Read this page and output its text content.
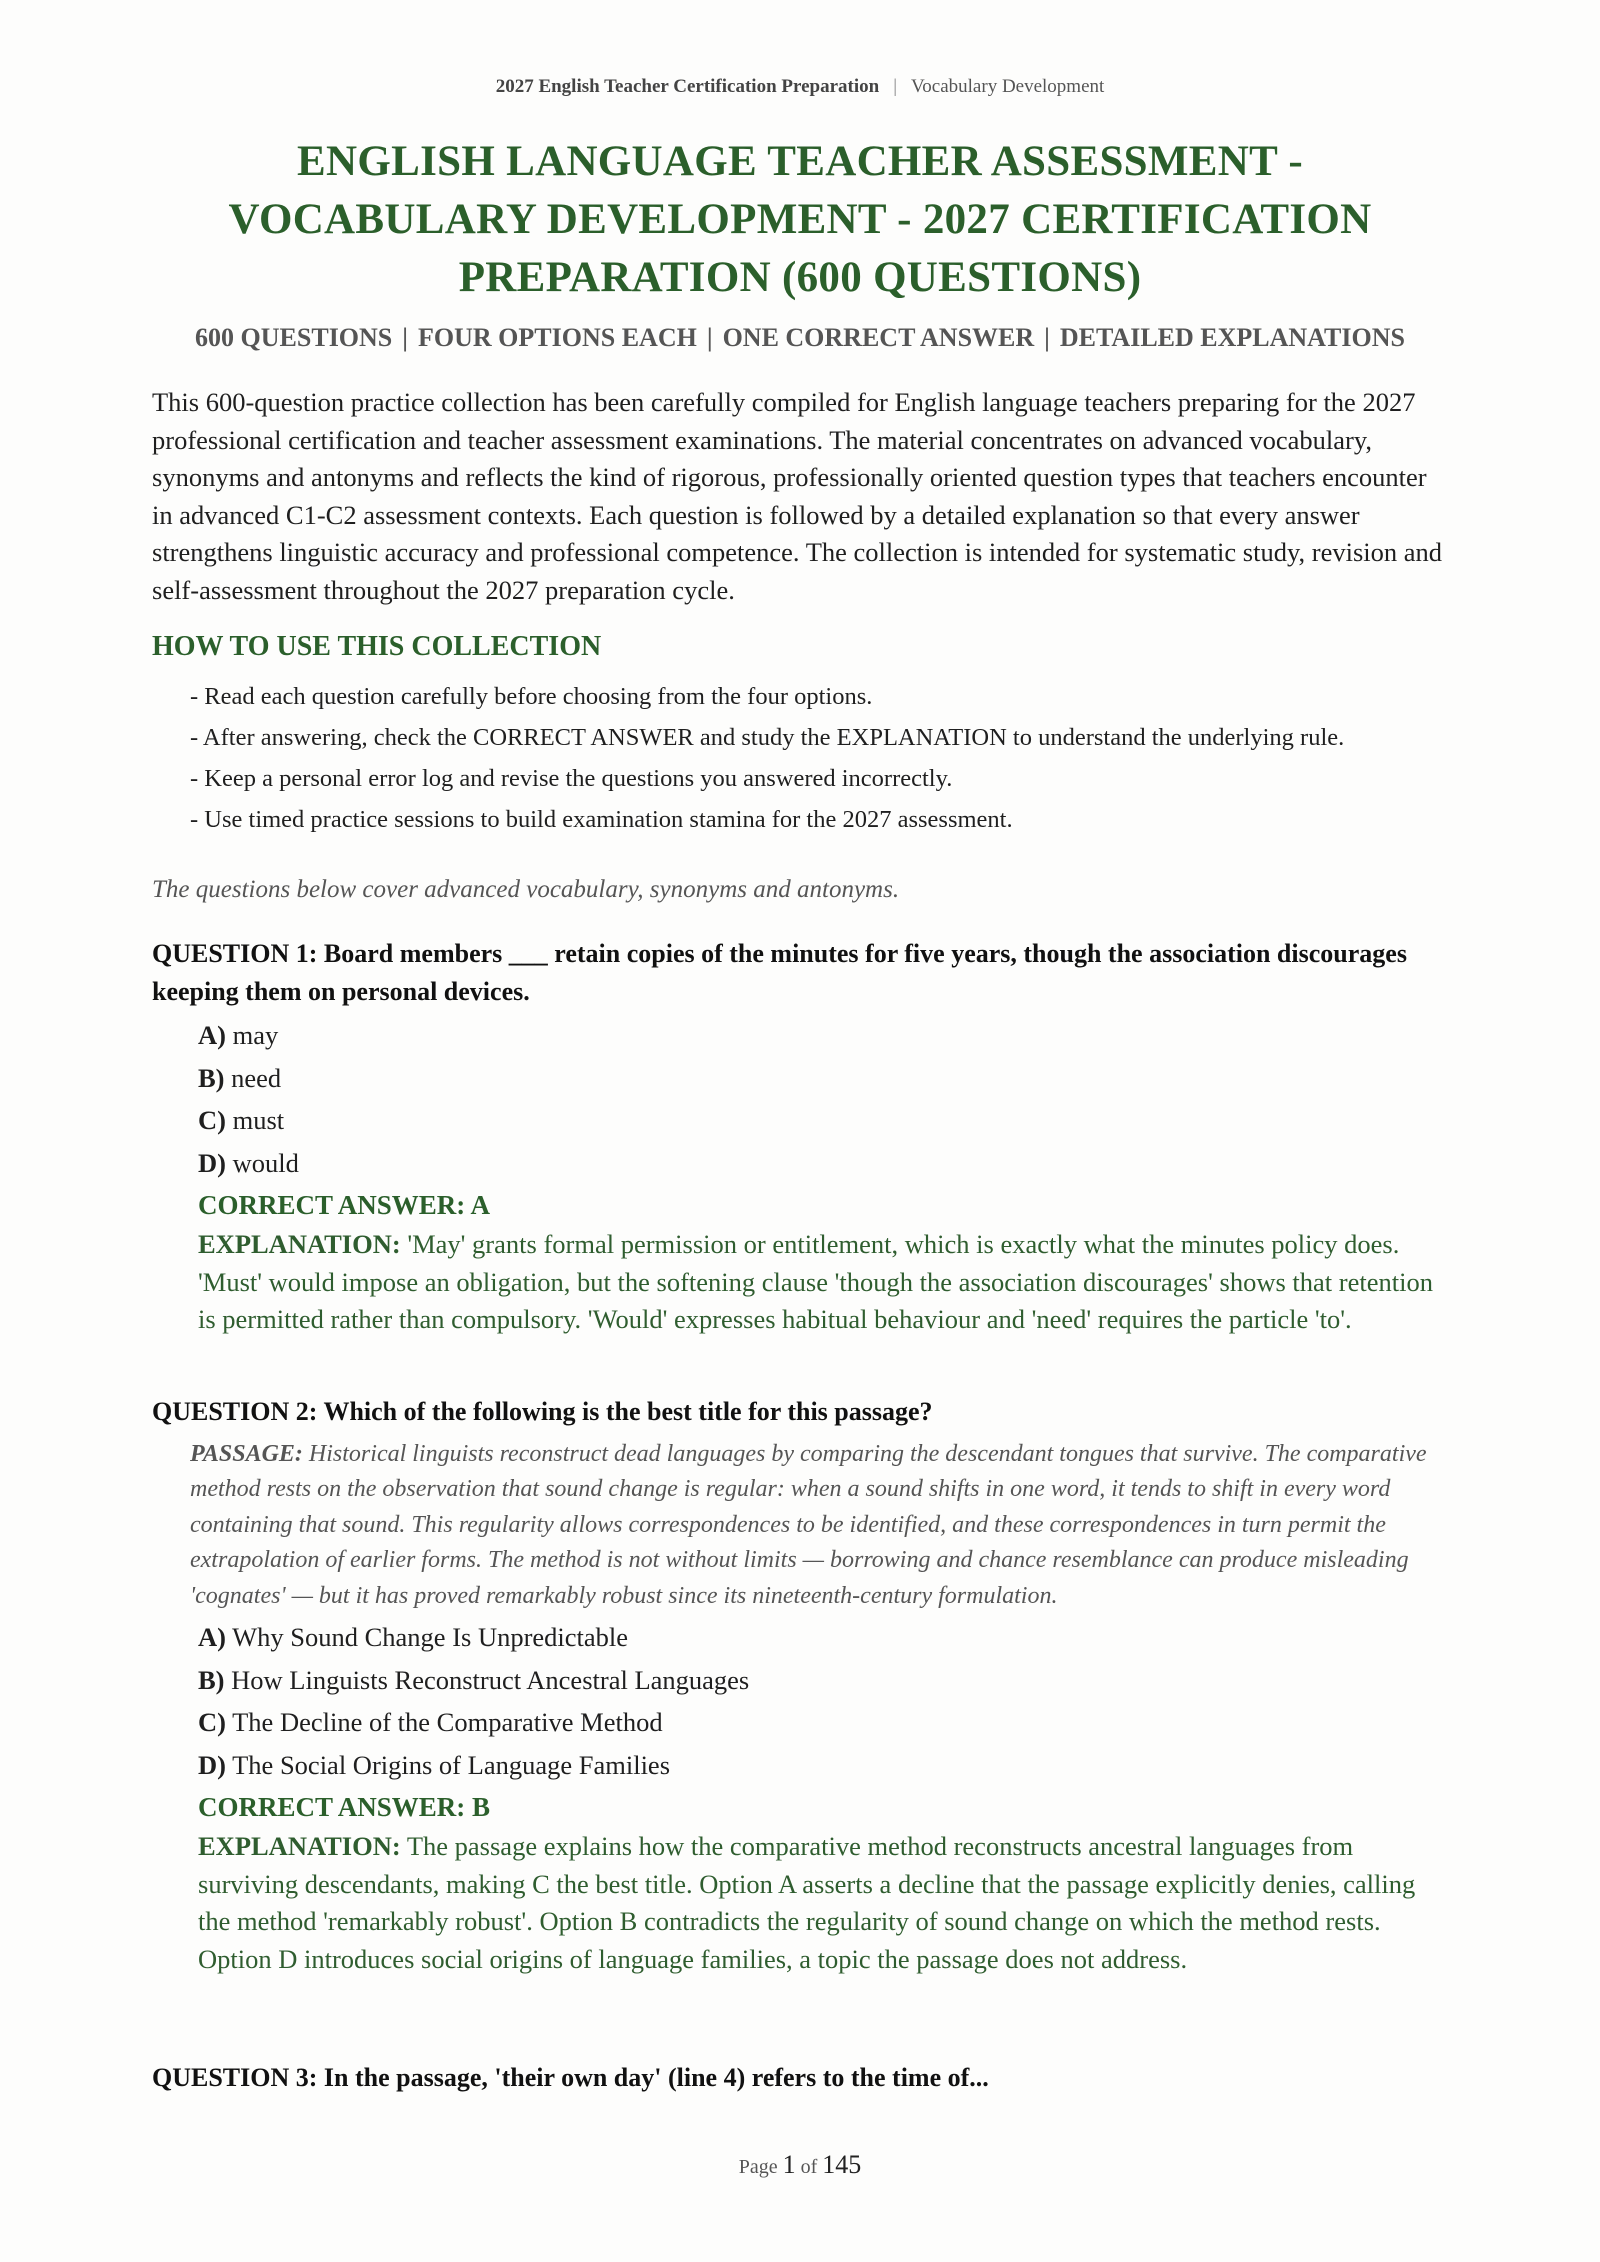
2027 English Teacher Certification Preparation | Vocabulary Development
ENGLISH LANGUAGE TEACHER ASSESSMENT -
VOCABULARY DEVELOPMENT - 2027 CERTIFICATION
PREPARATION (600 QUESTIONS)
600 QUESTIONS | FOUR OPTIONS EACH | ONE CORRECT ANSWER | DETAILED EXPLANATIONS
This 600-question practice collection has been carefully compiled for English language teachers preparing for the 2027 professional certification and teacher assessment examinations. The material concentrates on advanced vocabulary, synonyms and antonyms and reflects the kind of rigorous, professionally oriented question types that teachers encounter in advanced C1-C2 assessment contexts. Each question is followed by a detailed explanation so that every answer strengthens linguistic accuracy and professional competence. The collection is intended for systematic study, revision and self-assessment throughout the 2027 preparation cycle.
HOW TO USE THIS COLLECTION
- Read each question carefully before choosing from the four options.
- After answering, check the CORRECT ANSWER and study the EXPLANATION to understand the underlying rule.
- Keep a personal error log and revise the questions you answered incorrectly.
- Use timed practice sessions to build examination stamina for the 2027 assessment.
The questions below cover advanced vocabulary, synonyms and antonyms.
QUESTION 1: Board members ___ retain copies of the minutes for five years, though the association discourages keeping them on personal devices.
A) may
B) need
C) must
D) would
CORRECT ANSWER: A
EXPLANATION: 'May' grants formal permission or entitlement, which is exactly what the minutes policy does. 'Must' would impose an obligation, but the softening clause 'though the association discourages' shows that retention is permitted rather than compulsory. 'Would' expresses habitual behaviour and 'need' requires the particle 'to'.
QUESTION 2: Which of the following is the best title for this passage?
PASSAGE: Historical linguists reconstruct dead languages by comparing the descendant tongues that survive. The comparative method rests on the observation that sound change is regular: when a sound shifts in one word, it tends to shift in every word containing that sound. This regularity allows correspondences to be identified, and these correspondences in turn permit the extrapolation of earlier forms. The method is not without limits — borrowing and chance resemblance can produce misleading 'cognates' — but it has proved remarkably robust since its nineteenth-century formulation.
A) Why Sound Change Is Unpredictable
B) How Linguists Reconstruct Ancestral Languages
C) The Decline of the Comparative Method
D) The Social Origins of Language Families
CORRECT ANSWER: B
EXPLANATION: The passage explains how the comparative method reconstructs ancestral languages from surviving descendants, making C the best title. Option A asserts a decline that the passage explicitly denies, calling the method 'remarkably robust'. Option B contradicts the regularity of sound change on which the method rests. Option D introduces social origins of language families, a topic the passage does not address.
QUESTION 3: In the passage, 'their own day' (line 4) refers to the time of...
Page 1 of 145
